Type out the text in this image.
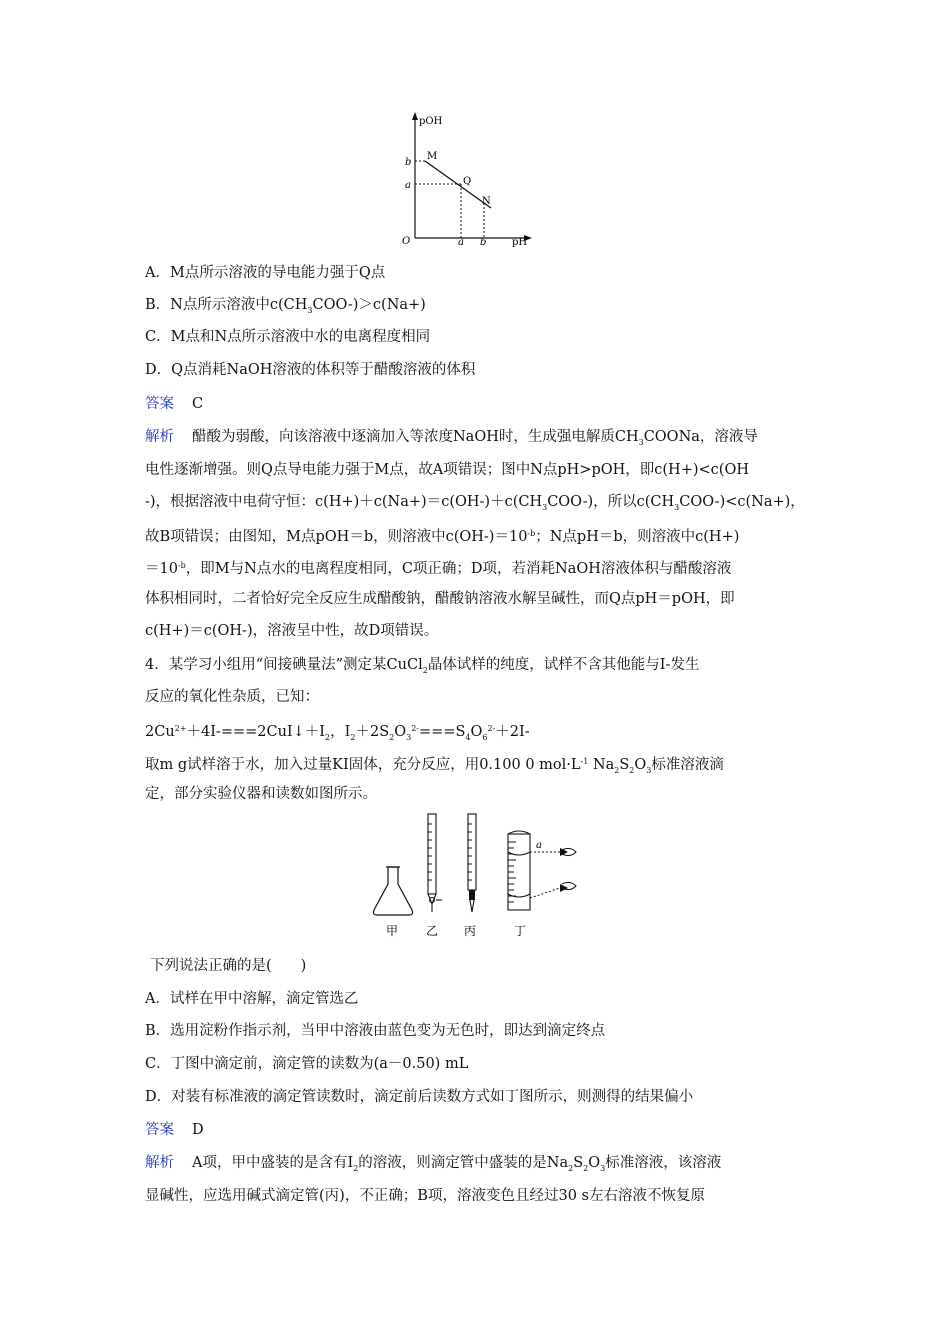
pOH
pH
O
b
a
a b
M
Q
N
A．M点所示溶液的导电能力强于Q点
B．N点所示溶液中$c(CH_3COO-)>c(Na+)$
C．M点和N点所示溶液中水的电离程度相同
D．Q点消耗NaOH溶液的体积等于醋酸溶液的体积
答案 C
解析 醋酸为弱酸，向该溶液中逐滴加入等浓度NaOH时，生成强电解质$CH_3COONa$，溶液导
电性逐渐增强。则Q点导电能力强于M点，故A项错误；图中N点pH>pOH，即c(H+)<c(OH
-)，根据溶液中电荷守恒：$c(H+)+c(Na+)=c(OH-)+c(CH_3COO-)$，所以$c(CH_3COO-)<c(Na+)$，
故B项错误；由图知，M点pOH＝b，则溶液中$c(OH-)=10^{-b}$；N点pH＝b，则溶液中c(H+)
$=10^{-b}$，即M与N点水的电离程度相同，C项正确；D项，若消耗NaOH溶液体积与醋酸溶液
体积相同时，二者恰好完全反应生成醋酸钠，醋酸钠溶液水解呈碱性，而Q点pH＝pOH，即
c(H+)＝c(OH-)，溶液呈中性，故D项错误。
4．某学习小组用“间接碘量法”测定某CuCl$_2$晶体试样的纯度，试样不含其他能与I-发生
反应的氧化性杂质，已知：
$2Cu^{2+}+4I-===2CuI↓+I_2$，$I_2+2S_2O_3^{2-}===S_4O_6^{2-}+2I-$
取m g试样溶于水，加入过量KI固体，充分反应，用0.100 0 $mol\cdot L^{-1}$ $Na_2S_2O_3$标准溶液滴
定，部分实验仪器和读数如图所示。
a
甲 乙 丙	丁
下列说法正确的是(　　)
A．试样在甲中溶解，滴定管选乙
B．选用淀粉作指示剂，当甲中溶液由蓝色变为无色时，即达到滴定终点
C．丁图中滴定前，滴定管的读数为(a－0.50) mL
D．对装有标准液的滴定管读数时，滴定前后读数方式如丁图所示，则测得的结果偏小
答案 D
解析 A项，甲中盛装的是含有$I_2$的溶液，则滴定管中盛装的是$Na_2S_2O_3$标准溶液，该溶液
显碱性，应选用碱式滴定管(丙)，不正确；B项，溶液变色且经过30 s左右溶液不恢复原
